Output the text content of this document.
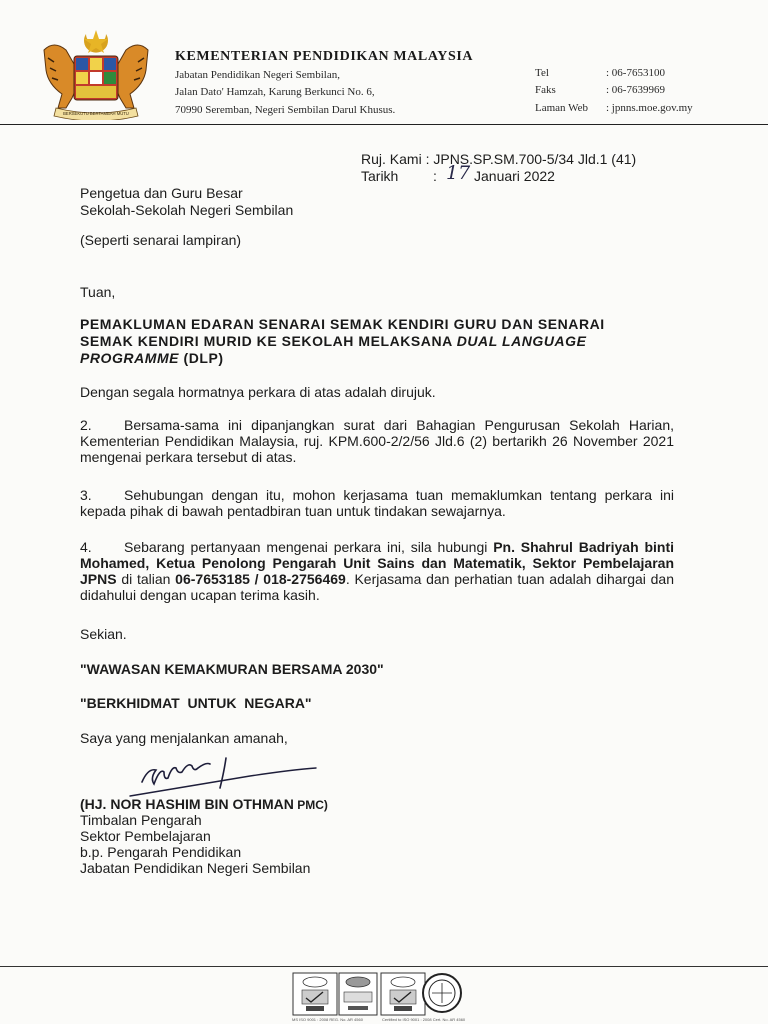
BERSEKUTU BERTAMBAH MUTU
KEMENTERIAN PENDIDIKAN MALAYSIA
Jabatan Pendidikan Negeri Sembilan,
Jalan Dato' Hamzah, Karung Berkunci No. 6,
70990 Seremban, Negeri Sembilan Darul Khusus.
Tel	: 06-7653100
Faks	: 06-7639969
Laman Web : jpnns.moe.gov.my
Ruj. Kami : JPNS.SP.SM.700-5/34 Jld.1 (41)
Tarikh : 17 Januari 2022
Pengetua dan Guru Besar
Sekolah-Sekolah Negeri Sembilan
(Seperti senarai lampiran)
Tuan,
PEMAKLUMAN EDARAN SENARAI SEMAK KENDIRI GURU DAN SENARAI
SEMAK KENDIRI MURID KE SEKOLAH MELAKSANA DUAL LANGUAGE
PROGRAMME (DLP)
Dengan segala hormatnya perkara di atas adalah dirujuk.
2.	Bersama-sama ini dipanjangkan surat dari Bahagian Pengurusan Sekolah Harian, Kementerian Pendidikan Malaysia, ruj. KPM.600-2/2/56 Jld.6 (2) bertarikh 26 November 2021 mengenai perkara tersebut di atas.
3.	Sehubungan dengan itu, mohon kerjasama tuan memaklumkan tentang perkara ini kepada pihak di bawah pentadbiran tuan untuk tindakan sewajarnya.
4.	Sebarang pertanyaan mengenai perkara ini, sila hubungi Pn. Shahrul Badriyah binti Mohamed, Ketua Penolong Pengarah Unit Sains dan Matematik, Sektor Pembelajaran JPNS di talian 06-7653185 / 018-2756469. Kerjasama dan perhatian tuan adalah dihargai dan didahului dengan ucapan terima kasih.
Sekian.
"WAWASAN KEMAKMURAN BERSAMA 2030"
"BERKHIDMAT  UNTUK  NEGARA"
Saya yang menjalankan amanah,
(HJ. NOR HASHIM BIN OTHMAN PMC)
Timbalan Pengarah
Sektor Pembelajaran
b.p. Pengarah Pendidikan
Jabatan Pendidikan Negeri Sembilan
MS ISO 9001 : 2008 REG. No. AR 4560	Certified to ISO 9001 : 2008 Cert. No. AR 4560
